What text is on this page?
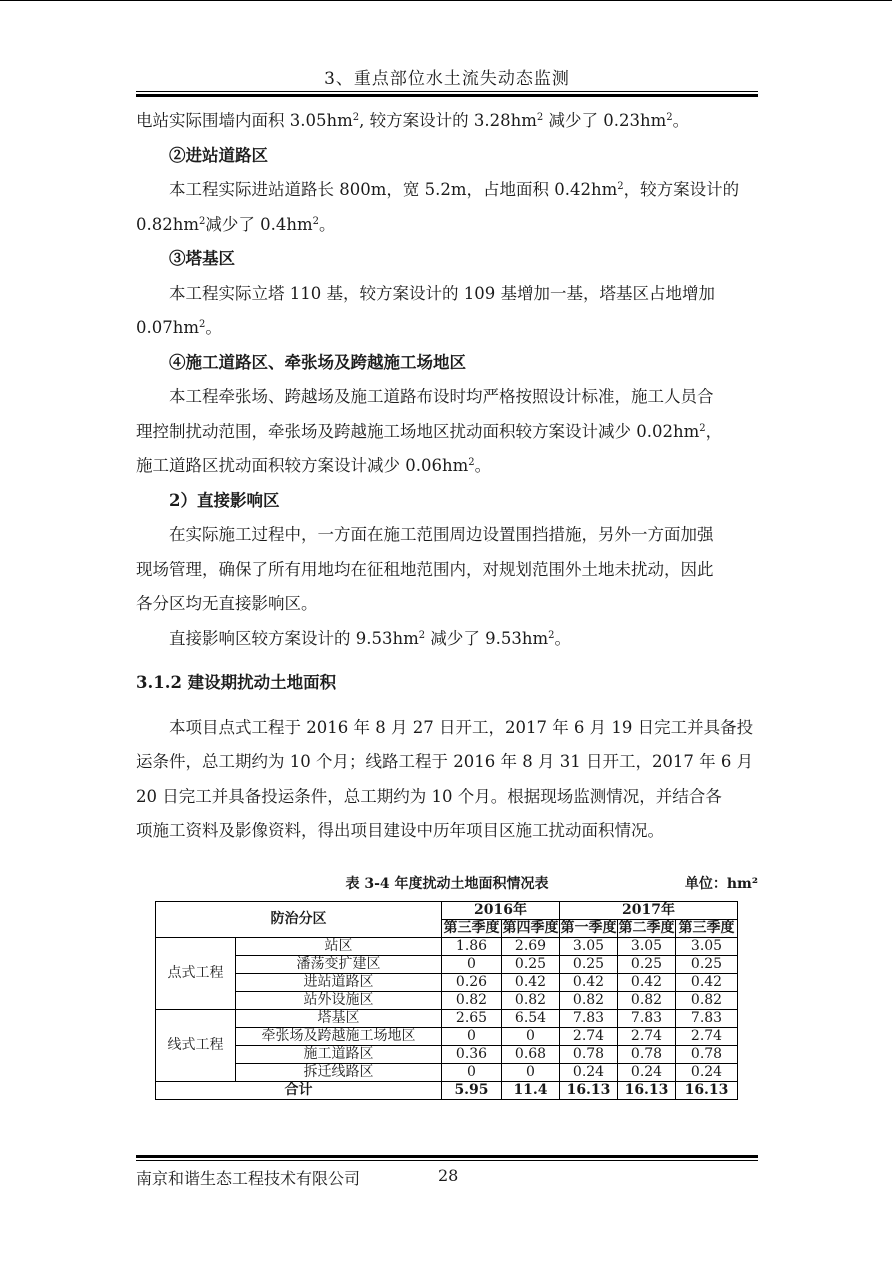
3、重点部位水土流失动态监测

电站实际围墙内面积 $3.05hm^2$, 较方案设计的 $3.28hm^2$ 减少了 $0.23hm^2$。

②进站道路区

本工程实际进站道路长 800m，宽 5.2m，占地面积 $0.42hm^2$，较方案设计的

$0.82hm^2$减少了 $0.4hm^2$。

③塔基区

本工程实际立塔 110 基，较方案设计的 109 基增加一基，塔基区占地增加

$0.07hm^2$。

④施工道路区、牵张场及跨越施工场地区

本工程牵张场、跨越场及施工道路布设时均严格按照设计标准，施工人员合

理控制扰动范围，牵张场及跨越施工场地区扰动面积较方案设计减少 $0.02hm^2$，

施工道路区扰动面积较方案设计减少 $0.06hm^2$。

2）直接影响区

在实际施工过程中，一方面在施工范围周边设置围挡措施，另外一方面加强

现场管理，确保了所有用地均在征租地范围内，对规划范围外土地未扰动，因此

各分区均无直接影响区。

直接影响区较方案设计的 $9.53hm^2$ 减少了 $9.53hm^2$。

3.1.2 建设期扰动土地面积

本项目点式工程于 2016 年 8 月 27 日开工，2017 年 6 月 19 日完工并具备投

运条件，总工期约为 10 个月；线路工程于 2016 年 8 月 31 日开工，2017 年 6 月

20 日完工并具备投运条件，总工期约为 10 个月。根据现场监测情况，并结合各

项施工资料及影像资料，得出项目建设中历年项目区施工扰动面积情况。

表 3-4 年度扰动土地面积情况表	单位：hm²
防治分区		2016年		2017年		
		第三季度	第四季度	第一季度	第二季度	第三季度
点式工程	站区	1.86	2.69	3.05	3.05	3.05
	潘荡变扩建区	0	0.25	0.25	0.25	0.25
	进站道路区	0.26	0.42	0.42	0.42	0.42
	站外设施区	0.82	0.82	0.82	0.82	0.82
线式工程	塔基区	2.65	6.54	7.83	7.83	7.83
	牵张场及跨越施工场地区	0	0	2.74	2.74	2.74
	施工道路区	0.36	0.68	0.78	0.78	0.78
	拆迁线路区	0	0	0.24	0.24	0.24
合计		5.95	11.4	16.13	16.13	16.13
南京和谐生态工程技术有限公司	28
